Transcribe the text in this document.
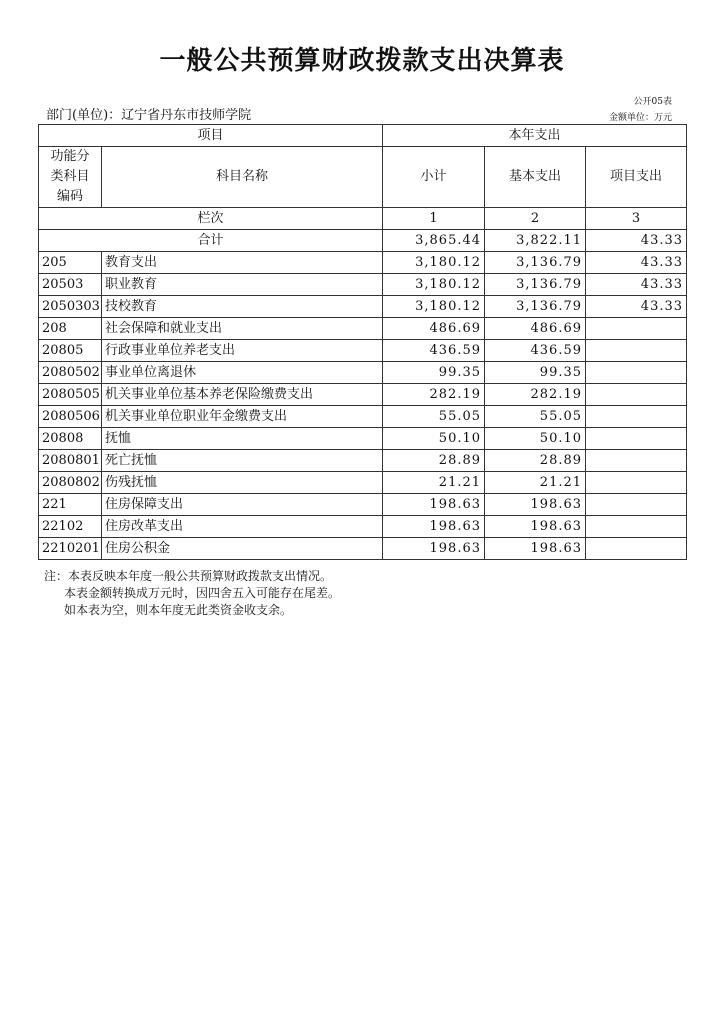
一般公共预算财政拨款支出决算表
公开05表
金额单位：万元
部门(单位)：辽宁省丹东市技师学院
项目		本年支出		
功能分类科目编码	科目名称	小计	基本支出	项目支出
栏次		1	2	3
合计		3,865.44	3,822.11	43.33
205	教育支出	3,180.12	3,136.79	43.33
20503	职业教育	3,180.12	3,136.79	43.33
2050303	技校教育	3,180.12	3,136.79	43.33
208	社会保障和就业支出	486.69	486.69	
20805	行政事业单位养老支出	436.59	436.59	
2080502	事业单位离退休	99.35	99.35	
2080505	机关事业单位基本养老保险缴费支出	282.19	282.19	
2080506	机关事业单位职业年金缴费支出	55.05	55.05	
20808	抚恤	50.10	50.10	
2080801	死亡抚恤	28.89	28.89	
2080802	伤残抚恤	21.21	21.21	
221	住房保障支出	198.63	198.63	
22102	住房改革支出	198.63	198.63	
2210201	住房公积金	198.63	198.63	
注：本表反映本年度一般公共预算财政拨款支出情况。
本表金额转换成万元时，因四舍五入可能存在尾差。
如本表为空，则本年度无此类资金收支余。
